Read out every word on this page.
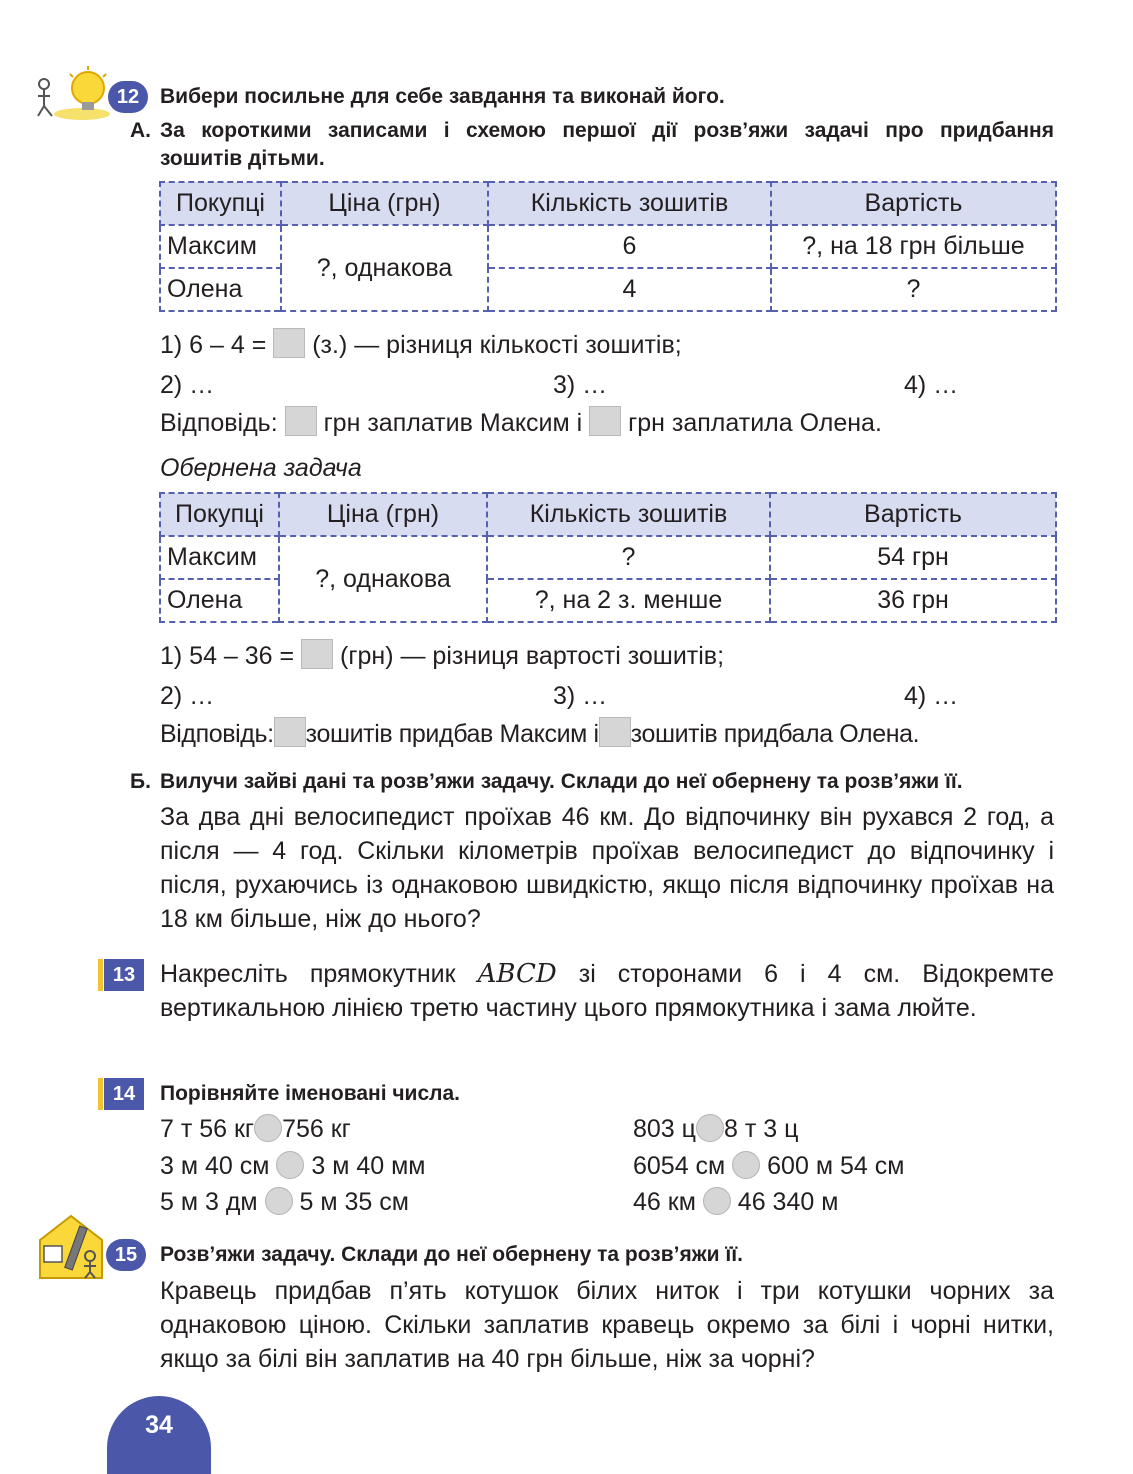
12 Вибери посильне для себе завдання та виконай його.
А. За короткими записами і схемою першої дії розв’яжи задачі про придбання
зошитів дітьми.
Покупці	Ціна (грн)	Кількість зошитів	Вартість
Максим	?, однакова	6	?, на 18 грн більше
Олена		4	?
1) 6 – 4 = (з.) — різниця кількості зошитів;
2) …	3) …	4) …
Відповідь: грн заплатив Максим і грн заплатила Олена.
Обернена задача
Покупці	Ціна (грн)	Кількість зошитів	Вартість
Максим	?, однакова	?	54 грн
Олена		?, на 2 з. менше	36 грн
1) 54 – 36 = (грн) — різниця вартості зошитів;
2) …	3) …	4) …
Відповідь: зошитів придбав Максим і зошитів придбала Олена.
Б. Вилучи зайві дані та розв’яжи задачу. Склади до неї обернену та розв’яжи її.
За два дні велосипедист проїхав 46 км. До відпочинку він рухався 2 год, а після — 4 год. Скільки кілометрів проїхав велосипедист до відпочинку і після, рухаючись із однаковою швидкістю, якщо після відпочинку проїхав на 18 км більше, ніж до нього?
13 Накресліть прямокутник ABCD зі сторонами 6 і 4 см. Відокремте вертикальною лінією третю частину цього прямокутника і зама люйте.
14	Порівняйте іменовані числа.
7 т 56 кг 756 кг
3 м 40 см 3 м 40 мм
5 м 3 дм 5 м 35 см
803 ц 8 т 3 ц
6054 см 600 м 54 см
46 км 46 340 м
15	Розв’яжи задачу. Склади до неї обернену та розв’яжи її.
Кравець придбав п’ять котушок білих ниток і три котушки чорних за однаковою ціною. Скільки заплатив кравець окремо за білі і чорні нитки, якщо за білі він заплатив на 40 грн більше, ніж за чорні?
34
